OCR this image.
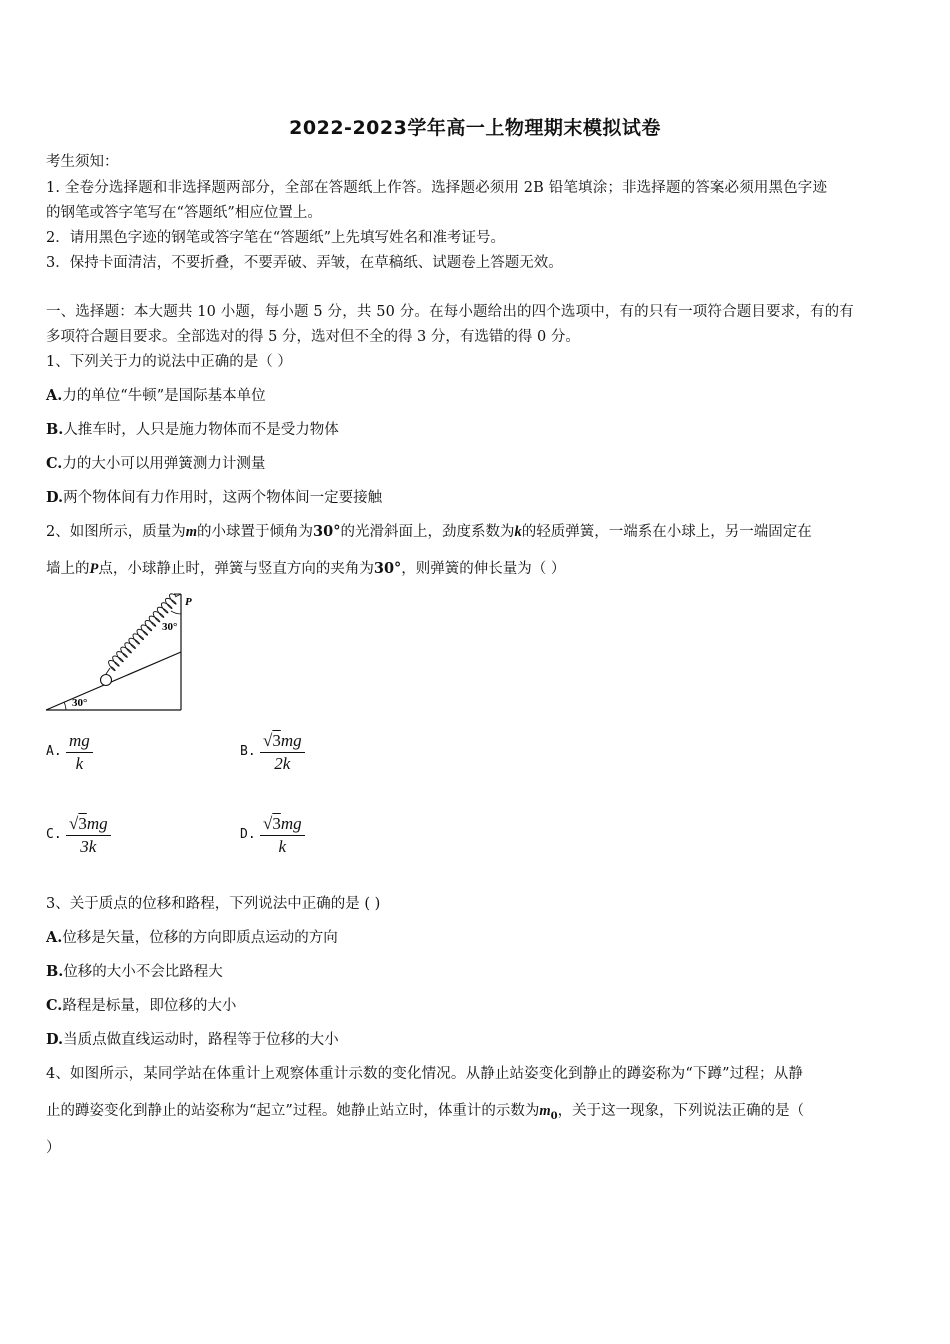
2022-2023学年高一上物理期末模拟试卷
考生须知：
1. 全卷分选择题和非选择题两部分，全部在答题纸上作答。选择题必须用 2B 铅笔填涂；非选择题的答案必须用黑色字迹
的钢笔或答字笔写在“答题纸”相应位置上。
2．请用黑色字迹的钢笔或答字笔在“答题纸”上先填写姓名和准考证号。
3．保持卡面清洁，不要折叠，不要弄破、弄皱，在草稿纸、试题卷上答题无效。
一、选择题：本大题共 10 小题，每小题 5 分，共 50 分。在每小题给出的四个选项中，有的只有一项符合题目要求，有的有
多项符合题目要求。全部选对的得 5 分，选对但不全的得 3 分，有选错的得 0 分。
1、下列关于力的说法中正确的是（ ）
A.力的单位“牛顿”是国际基本单位
B.人推车时，人只是施力物体而不是受力物体
C.力的大小可以用弹簧测力计测量
D.两个物体间有力作用时，这两个物体间一定要接触
2、如图所示，质量为m的小球置于倾角为30°的光滑斜面上，劲度系数为k的轻质弹簧，一端系在小球上，另一端固定在
墙上的P点，小球静止时，弹簧与竖直方向的夹角为30°，则弹簧的伸长量为（ ）
P
30°
30°
A. $\frac{mg}{k}$	B. $\frac{√3mg}{2k}$
C. $\frac{√3mg}{3k}$	D. $\frac{√3mg}{k}$
3、关于质点的位移和路程，下列说法中正确的是 ( )
A.位移是矢量，位移的方向即质点运动的方向
B.位移的大小不会比路程大
C.路程是标量，即位移的大小
D.当质点做直线运动时，路程等于位移的大小
4、如图所示，某同学站在体重计上观察体重计示数的变化情况。从静止站姿变化到静止的蹲姿称为“下蹲”过程；从静
止的蹲姿变化到静止的站姿称为“起立”过程。她静止站立时，体重计的示数为$m_0$，关于这一现象，下列说法正确的是（
）
